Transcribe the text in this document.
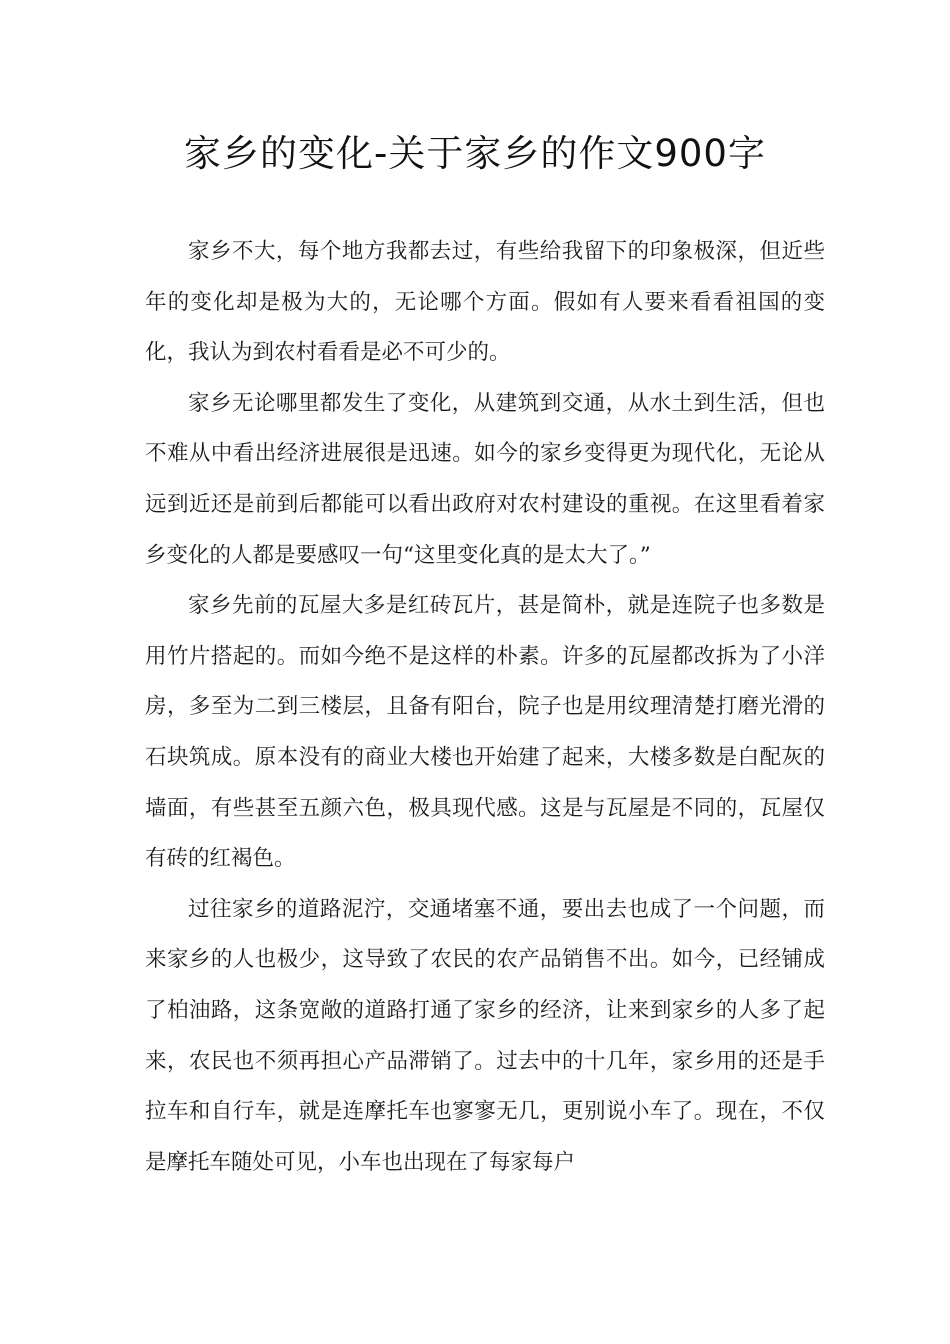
家乡的变化-关于家乡的作文900字

家乡不大，每个地方我都去过，有些给我留下的印象极深，但近些年的变化却是极为大的，无论哪个方面。假如有人要来看看祖国的变化，我认为到农村看看是必不可少的。

家乡无论哪里都发生了变化，从建筑到交通，从水土到生活，但也不难从中看出经济进展很是迅速。如今的家乡变得更为现代化，无论从远到近还是前到后都能可以看出政府对农村建设的重视。在这里看着家乡变化的人都是要感叹一句“这里变化真的是太大了。”

家乡先前的瓦屋大多是红砖瓦片，甚是简朴，就是连院子也多数是用竹片搭起的。而如今绝不是这样的朴素。许多的瓦屋都改拆为了小洋房，多至为二到三楼层，且备有阳台，院子也是用纹理清楚打磨光滑的石块筑成。原本没有的商业大楼也开始建了起来，大楼多数是白配灰的墙面，有些甚至五颜六色，极具现代感。这是与瓦屋是不同的，瓦屋仅有砖的红褐色。

过往家乡的道路泥泞，交通堵塞不通，要出去也成了一个问题，而来家乡的人也极少，这导致了农民的农产品销售不出。如今，已经铺成了柏油路，这条宽敞的道路打通了家乡的经济，让来到家乡的人多了起来，农民也不须再担心产品滞销了。过去中的十几年，家乡用的还是手拉车和自行车，就是连摩托车也寥寥无几，更别说小车了。现在，不仅是摩托车随处可见，小车也出现在了每家每户
